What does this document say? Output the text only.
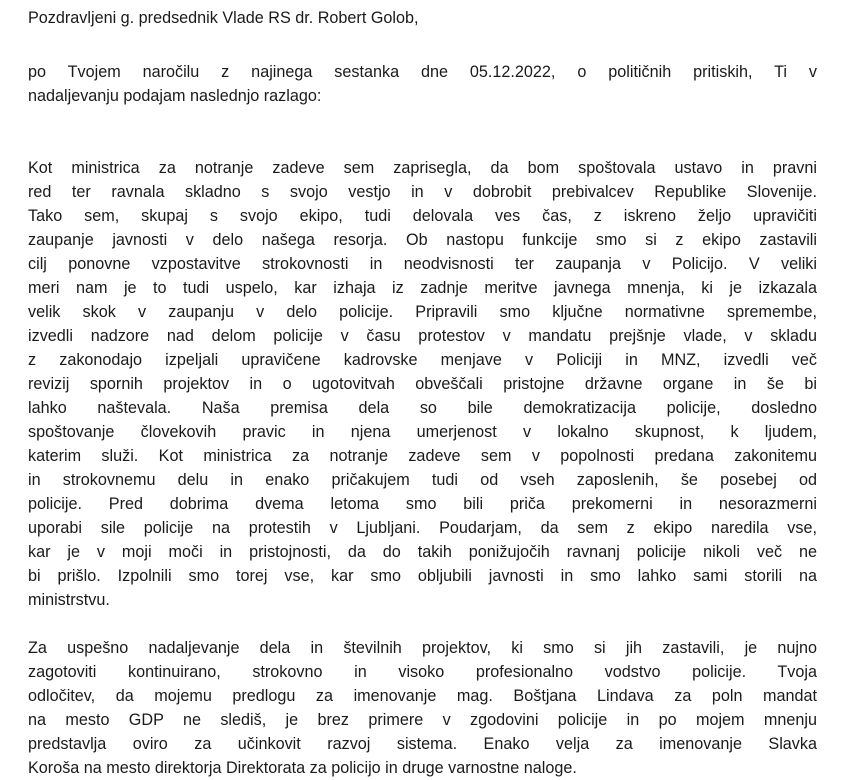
Pozdravljeni g. predsednik Vlade RS dr. Robert Golob,

po Tvojem naročilu z najinega sestanka dne 05.12.2022, o političnih pritiskih, Ti v
nadaljevanju podajam naslednjo razlago:

Kot ministrica za notranje zadeve sem zaprisegla, da bom spoštovala ustavo in pravni
red ter ravnala skladno s svojo vestjo in v dobrobit prebivalcev Republike Slovenije.
Tako sem, skupaj s svojo ekipo, tudi delovala ves čas, z iskreno željo upravičiti
zaupanje javnosti v delo našega resorja. Ob nastopu funkcije smo si z ekipo zastavili
cilj ponovne vzpostavitve strokovnosti in neodvisnosti ter zaupanja v Policijo. V veliki
meri nam je to tudi uspelo, kar izhaja iz zadnje meritve javnega mnenja, ki je izkazala
velik skok v zaupanju v delo policije. Pripravili smo ključne normativne spremembe,
izvedli nadzore nad delom policije v času protestov v mandatu prejšnje vlade, v skladu
z zakonodajo izpeljali upravičene kadrovske menjave v Policiji in MNZ, izvedli več
revizij spornih projektov in o ugotovitvah obveščali pristojne državne organe in še bi
lahko naštevala. Naša premisa dela so bile demokratizacija policije, dosledno
spoštovanje človekovih pravic in njena umerjenost v lokalno skupnost, k ljudem,
katerim služi. Kot ministrica za notranje zadeve sem v popolnosti predana zakonitemu
in strokovnemu delu in enako pričakujem tudi od vseh zaposlenih, še posebej od
policije. Pred dobrima dvema letoma smo bili priča prekomerni in nesorazmerni
uporabi sile policije na protestih v Ljubljani. Poudarjam, da sem z ekipo naredila vse,
kar je v moji moči in pristojnosti, da do takih ponižujočih ravnanj policije nikoli več ne
bi prišlo. Izpolnili smo torej vse, kar smo obljubili javnosti in smo lahko sami storili na
ministrstvu.

Za uspešno nadaljevanje dela in številnih projektov, ki smo si jih zastavili, je nujno
zagotoviti kontinuirano, strokovno in visoko profesionalno vodstvo policije. Tvoja
odločitev, da mojemu predlogu za imenovanje mag. Boštjana Lindava za poln mandat
na mesto GDP ne slediš, je brez primere v zgodovini policije in po mojem mnenju
predstavlja oviro za učinkovit razvoj sistema. Enako velja za imenovanje Slavka
Koroša na mesto direktorja Direktorata za policijo in druge varnostne naloge.
